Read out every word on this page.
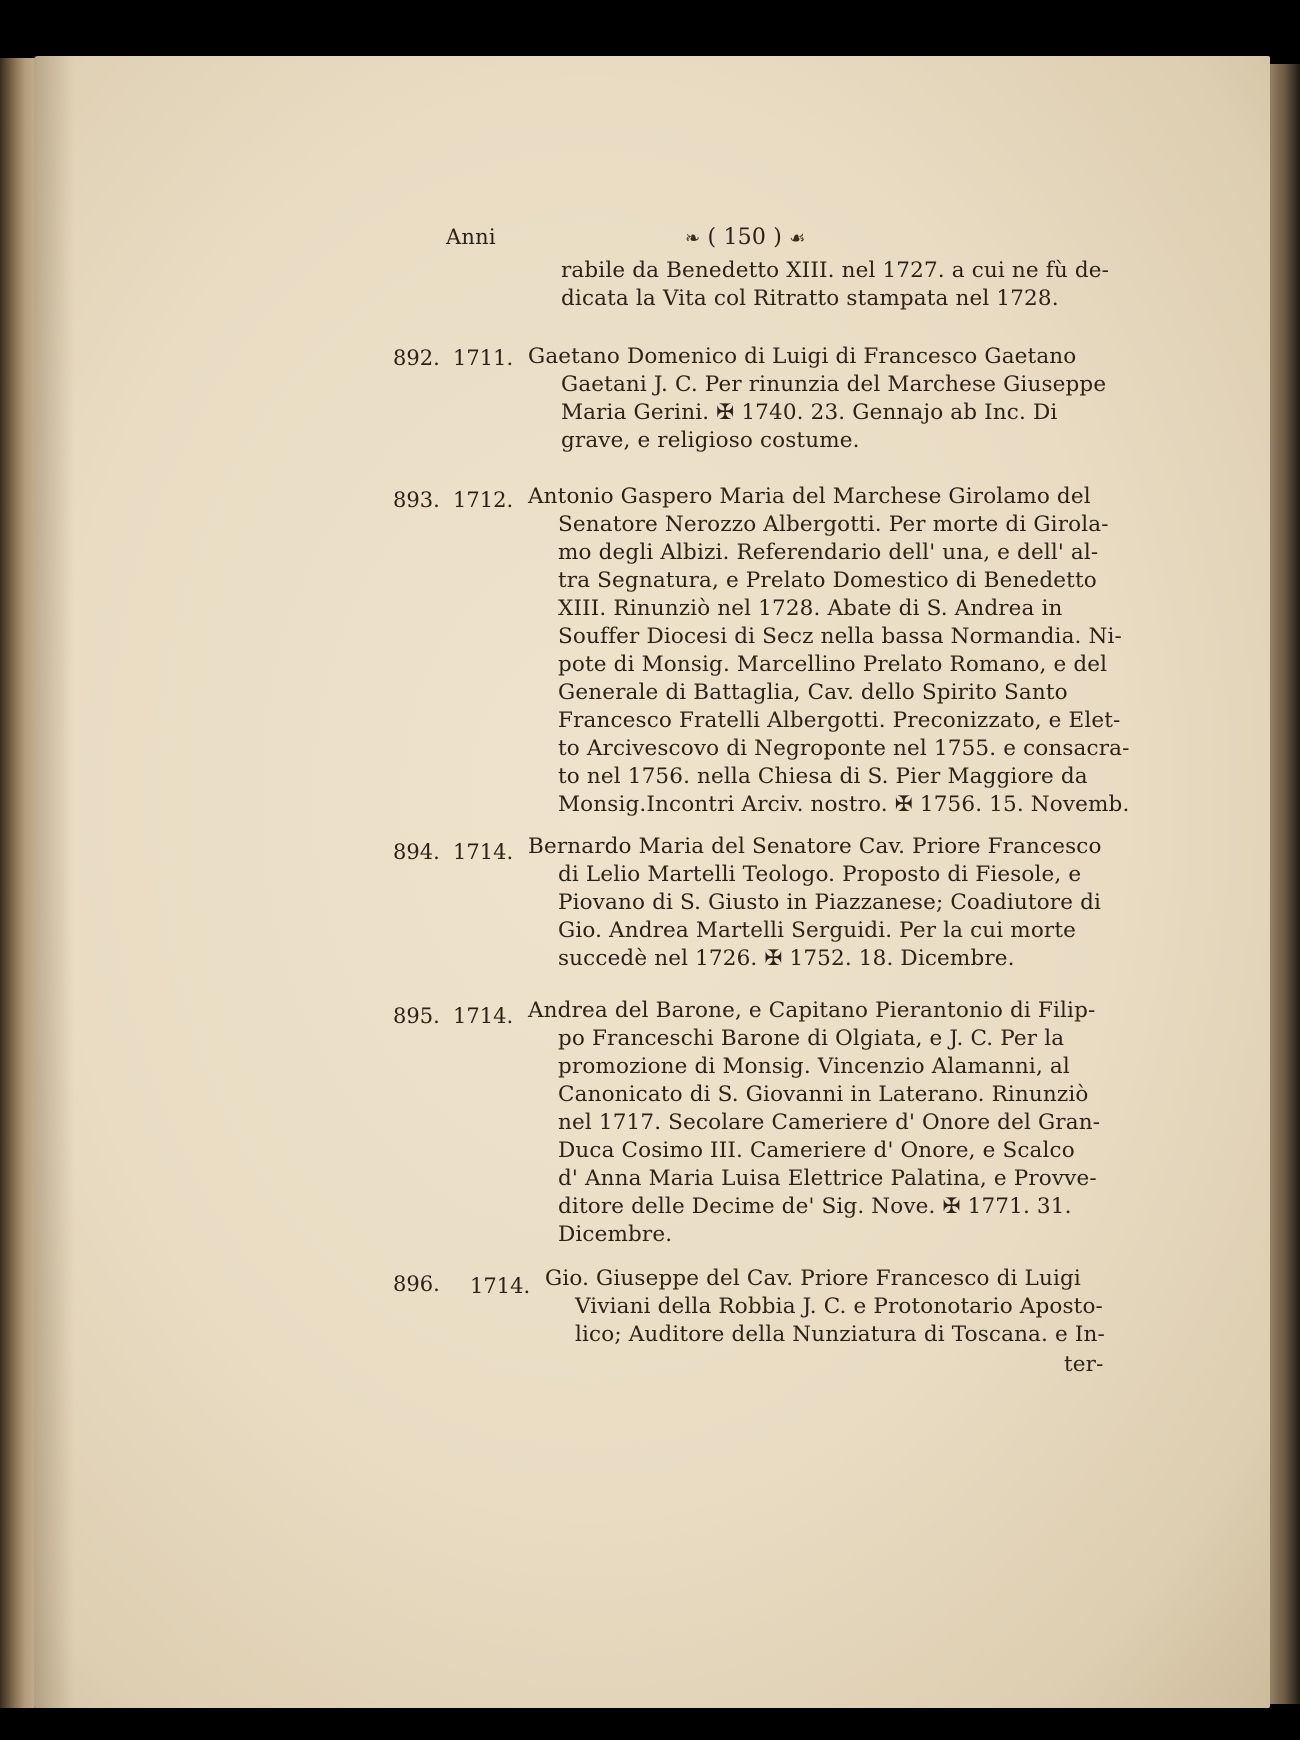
Anni	❧ ( 150 ) ☙
rabile da Benedetto XIII. nel 1727. a cui ne fù de-
dicata la Vita col Ritratto stampata nel 1728.
892. 1711. Gaetano Domenico di Luigi di Francesco Gaetano
Gaetani J. C. Per rinunzia del Marchese Giuseppe
Maria Gerini. ✠ 1740. 23. Gennajo ab Inc. Di
grave, e religioso costume.
893. 1712. Antonio Gaspero Maria del Marchese Girolamo del
Senatore Nerozzo Albergotti. Per morte di Girola-
mo degli Albizi. Referendario dell' una, e dell' al-
tra Segnatura, e Prelato Domestico di Benedetto
XIII. Rinunziò nel 1728. Abate di S. Andrea in
Souffer Diocesi di Secz nella bassa Normandia. Ni-
pote di Monsig. Marcellino Prelato Romano, e del
Generale di Battaglia, Cav. dello Spirito Santo
Francesco Fratelli Albergotti. Preconizzato, e Elet-
to Arcivescovo di Negroponte nel 1755. e consacra-
to nel 1756. nella Chiesa di S. Pier Maggiore da
Monsig.Incontri Arciv. nostro. ✠ 1756. 15. Novemb.
894. 1714. Bernardo Maria del Senatore Cav. Priore Francesco
di Lelio Martelli Teologo. Proposto di Fiesole, e
Piovano di S. Giusto in Piazzanese; Coadiutore di
Gio. Andrea Martelli Serguidi. Per la cui morte
succedè nel 1726. ✠ 1752. 18. Dicembre.
895. 1714. Andrea del Barone, e Capitano Pierantonio di Filip-
po Franceschi Barone di Olgiata, e J. C. Per la
promozione di Monsig. Vincenzio Alamanni, al
Canonicato di S. Giovanni in Laterano. Rinunziò
nel 1717. Secolare Cameriere d' Onore del Gran-
Duca Cosimo III. Cameriere d' Onore, e Scalco
d' Anna Maria Luisa Elettrice Palatina, e Provve-
ditore delle Decime de' Sig. Nove. ✠ 1771. 31.
Dicembre.
896. 1714. Gio. Giuseppe del Cav. Priore Francesco di Luigi
Viviani della Robbia J. C. e Protonotario Aposto-
lico; Auditore della Nunziatura di Toscana. e In-
ter-
